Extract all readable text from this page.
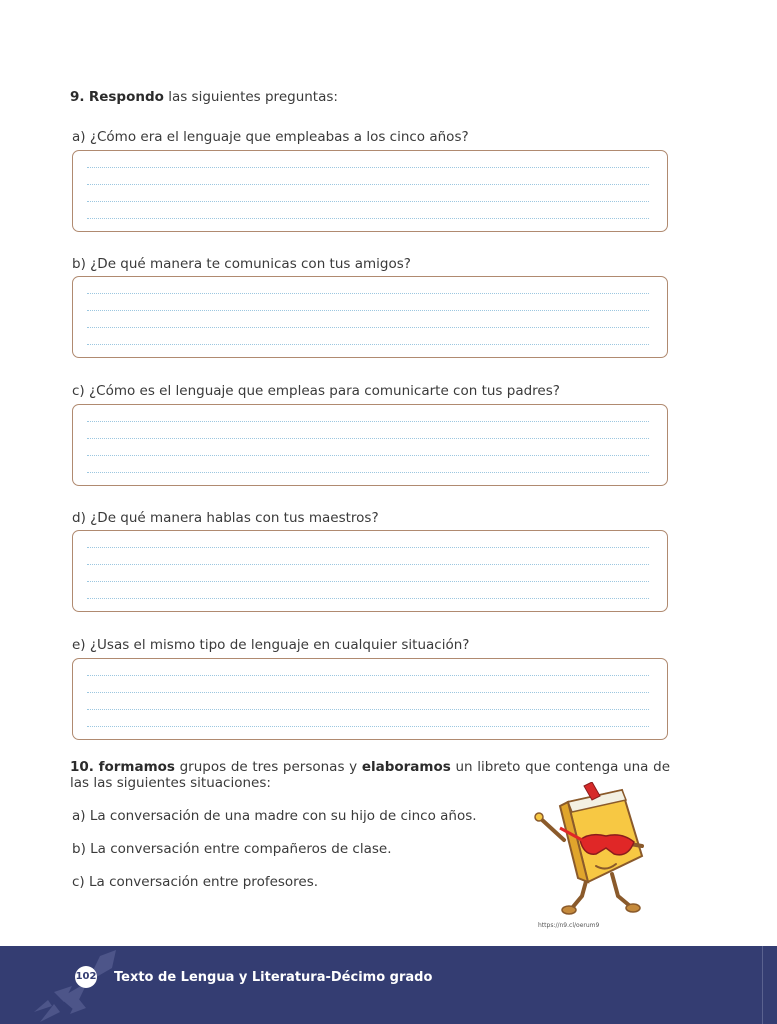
9. Respondo las siguientes preguntas:
a) ¿Cómo era el lenguaje que empleabas a los cinco años?
b) ¿De qué manera te comunicas con tus amigos?
c) ¿Cómo es el lenguaje que empleas para comunicarte con tus padres?
d) ¿De qué manera hablas con tus maestros?
e) ¿Usas el mismo tipo de lenguaje en cualquier situación?
10. formamos grupos de tres personas y elaboramos un libreto que contenga una de las las siguientes situaciones:
a) La conversación de una madre con su hijo de cinco años.
b) La conversación entre compañeros de clase.
c) La conversación entre profesores.
https://n9.cl/oerum9
102 Texto de Lengua y Literatura-Décimo grado
